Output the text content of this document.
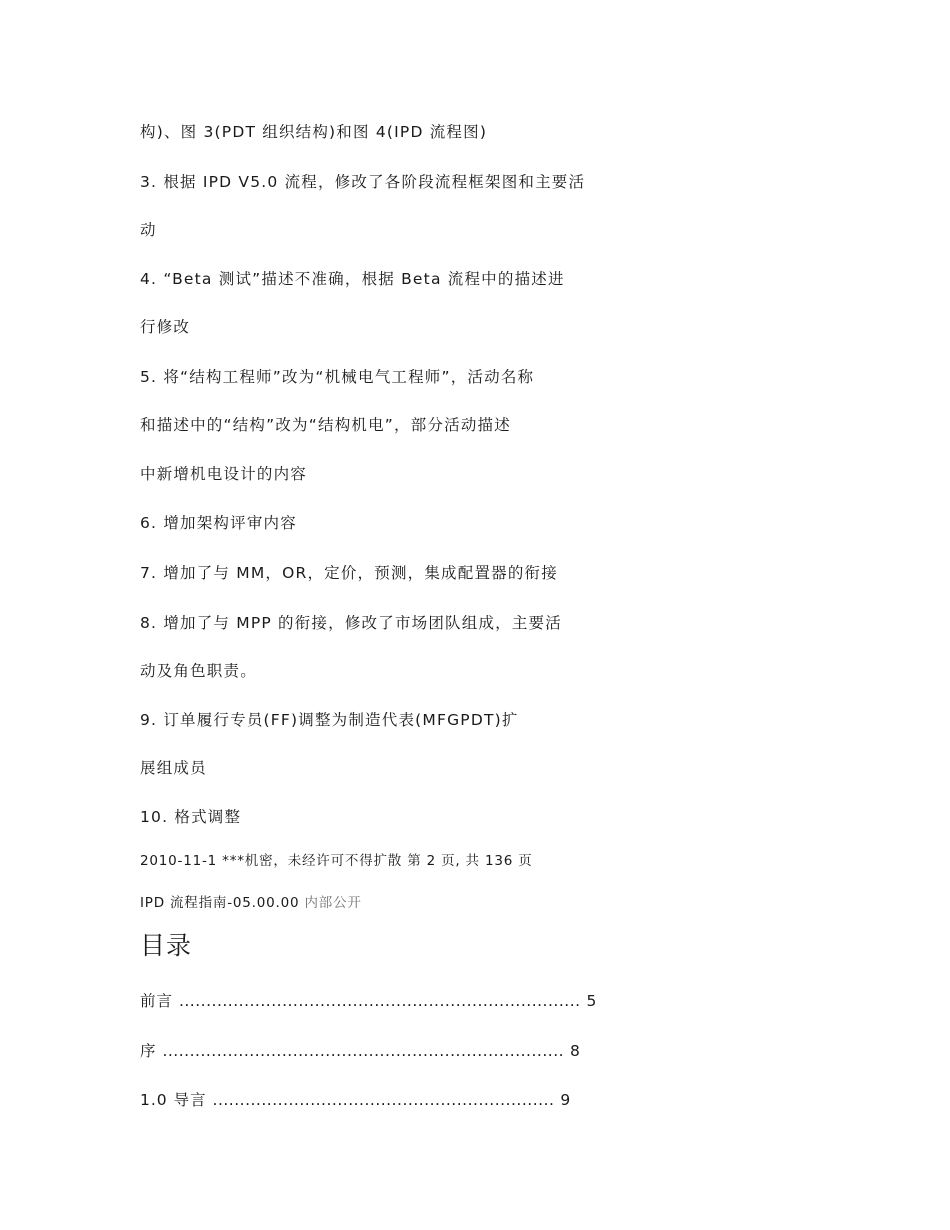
构)、图 3(PDT 组织结构)和图 4(IPD 流程图)
3. 根据 IPD V5.0 流程，修改了各阶段流程框架图和主要活
动
4. “Beta 测试”描述不准确，根据 Beta 流程中的描述进
行修改
5. 将“结构工程师”改为“机械电气工程师”，活动名称
和描述中的“结构”改为“结构机电”，部分活动描述
中新增机电设计的内容
6. 增加架构评审内容
7. 增加了与 MM，OR，定价，预测，集成配置器的衔接
8. 增加了与 MPP 的衔接，修改了市场团队组成，主要活
动及角色职责。
9. 订单履行专员(FF)调整为制造代表(MFGPDT)扩
展组成员
10. 格式调整
2010-11-1 ***机密，未经许可不得扩散 第 2 页, 共 136 页
IPD 流程指南-05.00.00 内部公开
目录
前言 .......................................................................... 5
序 .......................................................................... 8
1.0 导言 ............................................................... 9
